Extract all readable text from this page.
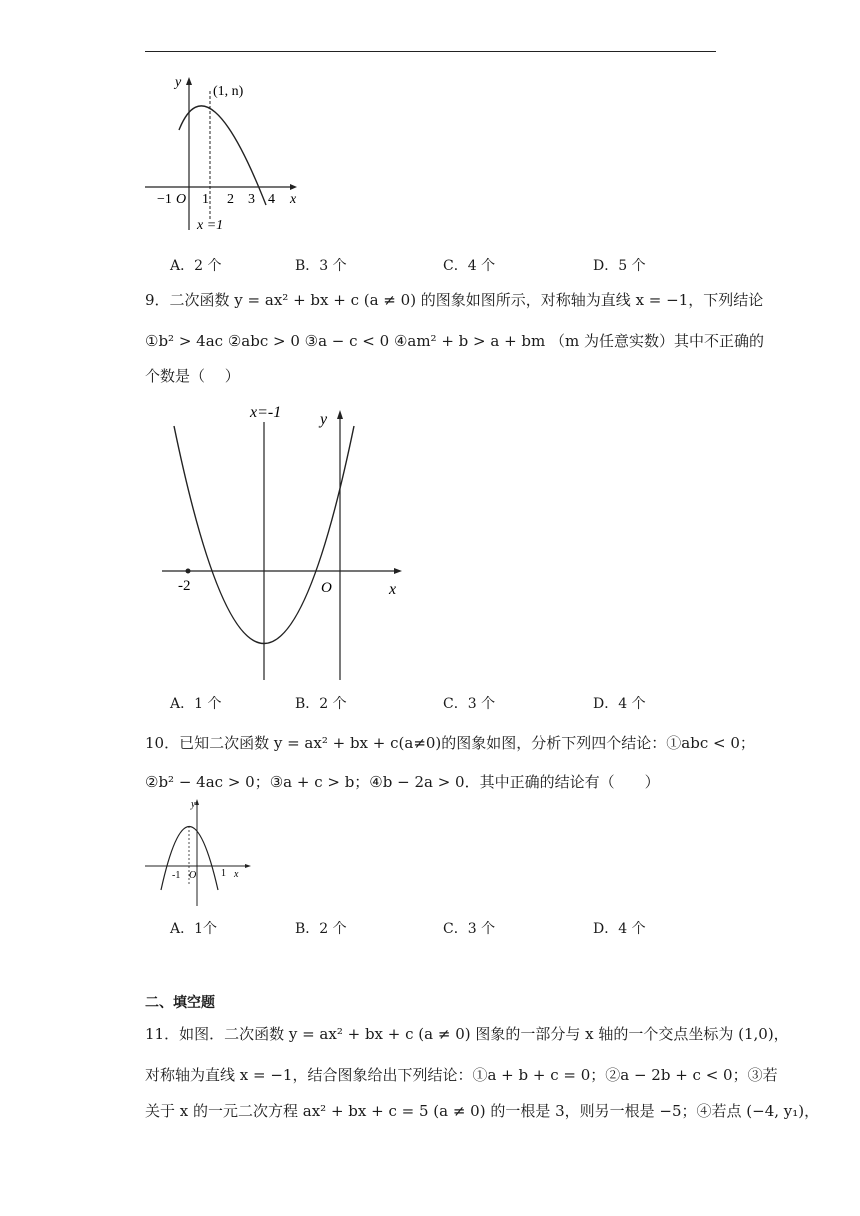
y
(1, n)
−1 O 1 2 3 4 x
x =1
A．2 个	B．3 个	C．4 个	D．5 个
9．二次函数 y = ax² + bx + c (a ≠ 0) 的图象如图所示，对称轴为直线 x = −1，下列结论
①b² > 4ac ②abc > 0 ③a − c < 0 ④am² + b > a + bm （m 为任意实数）其中不正确的
个数是（　 ）
x=-1 y
-2	O	x
A．1 个	B．2 个	C．3 个	D．4 个
10．已知二次函数 y = ax² + bx + c(a≠0)的图象如图，分析下列四个结论：①abc < 0；
②b² − 4ac > 0；③a + c > b；④b − 2a > 0．其中正确的结论有（　　）
y
-1 O 1 x
A．1个	B．2 个	C．3 个	D．4 个
二、填空题
11．如图．二次函数 y = ax² + bx + c (a ≠ 0) 图象的一部分与 x 轴的一个交点坐标为 (1,0)，
对称轴为直线 x = −1，结合图象给出下列结论：①a + b + c = 0；②a − 2b + c < 0；③若
关于 x 的一元二次方程 ax² + bx + c = 5 (a ≠ 0) 的一根是 3，则另一根是 −5；④若点 (−4, y₁)，
